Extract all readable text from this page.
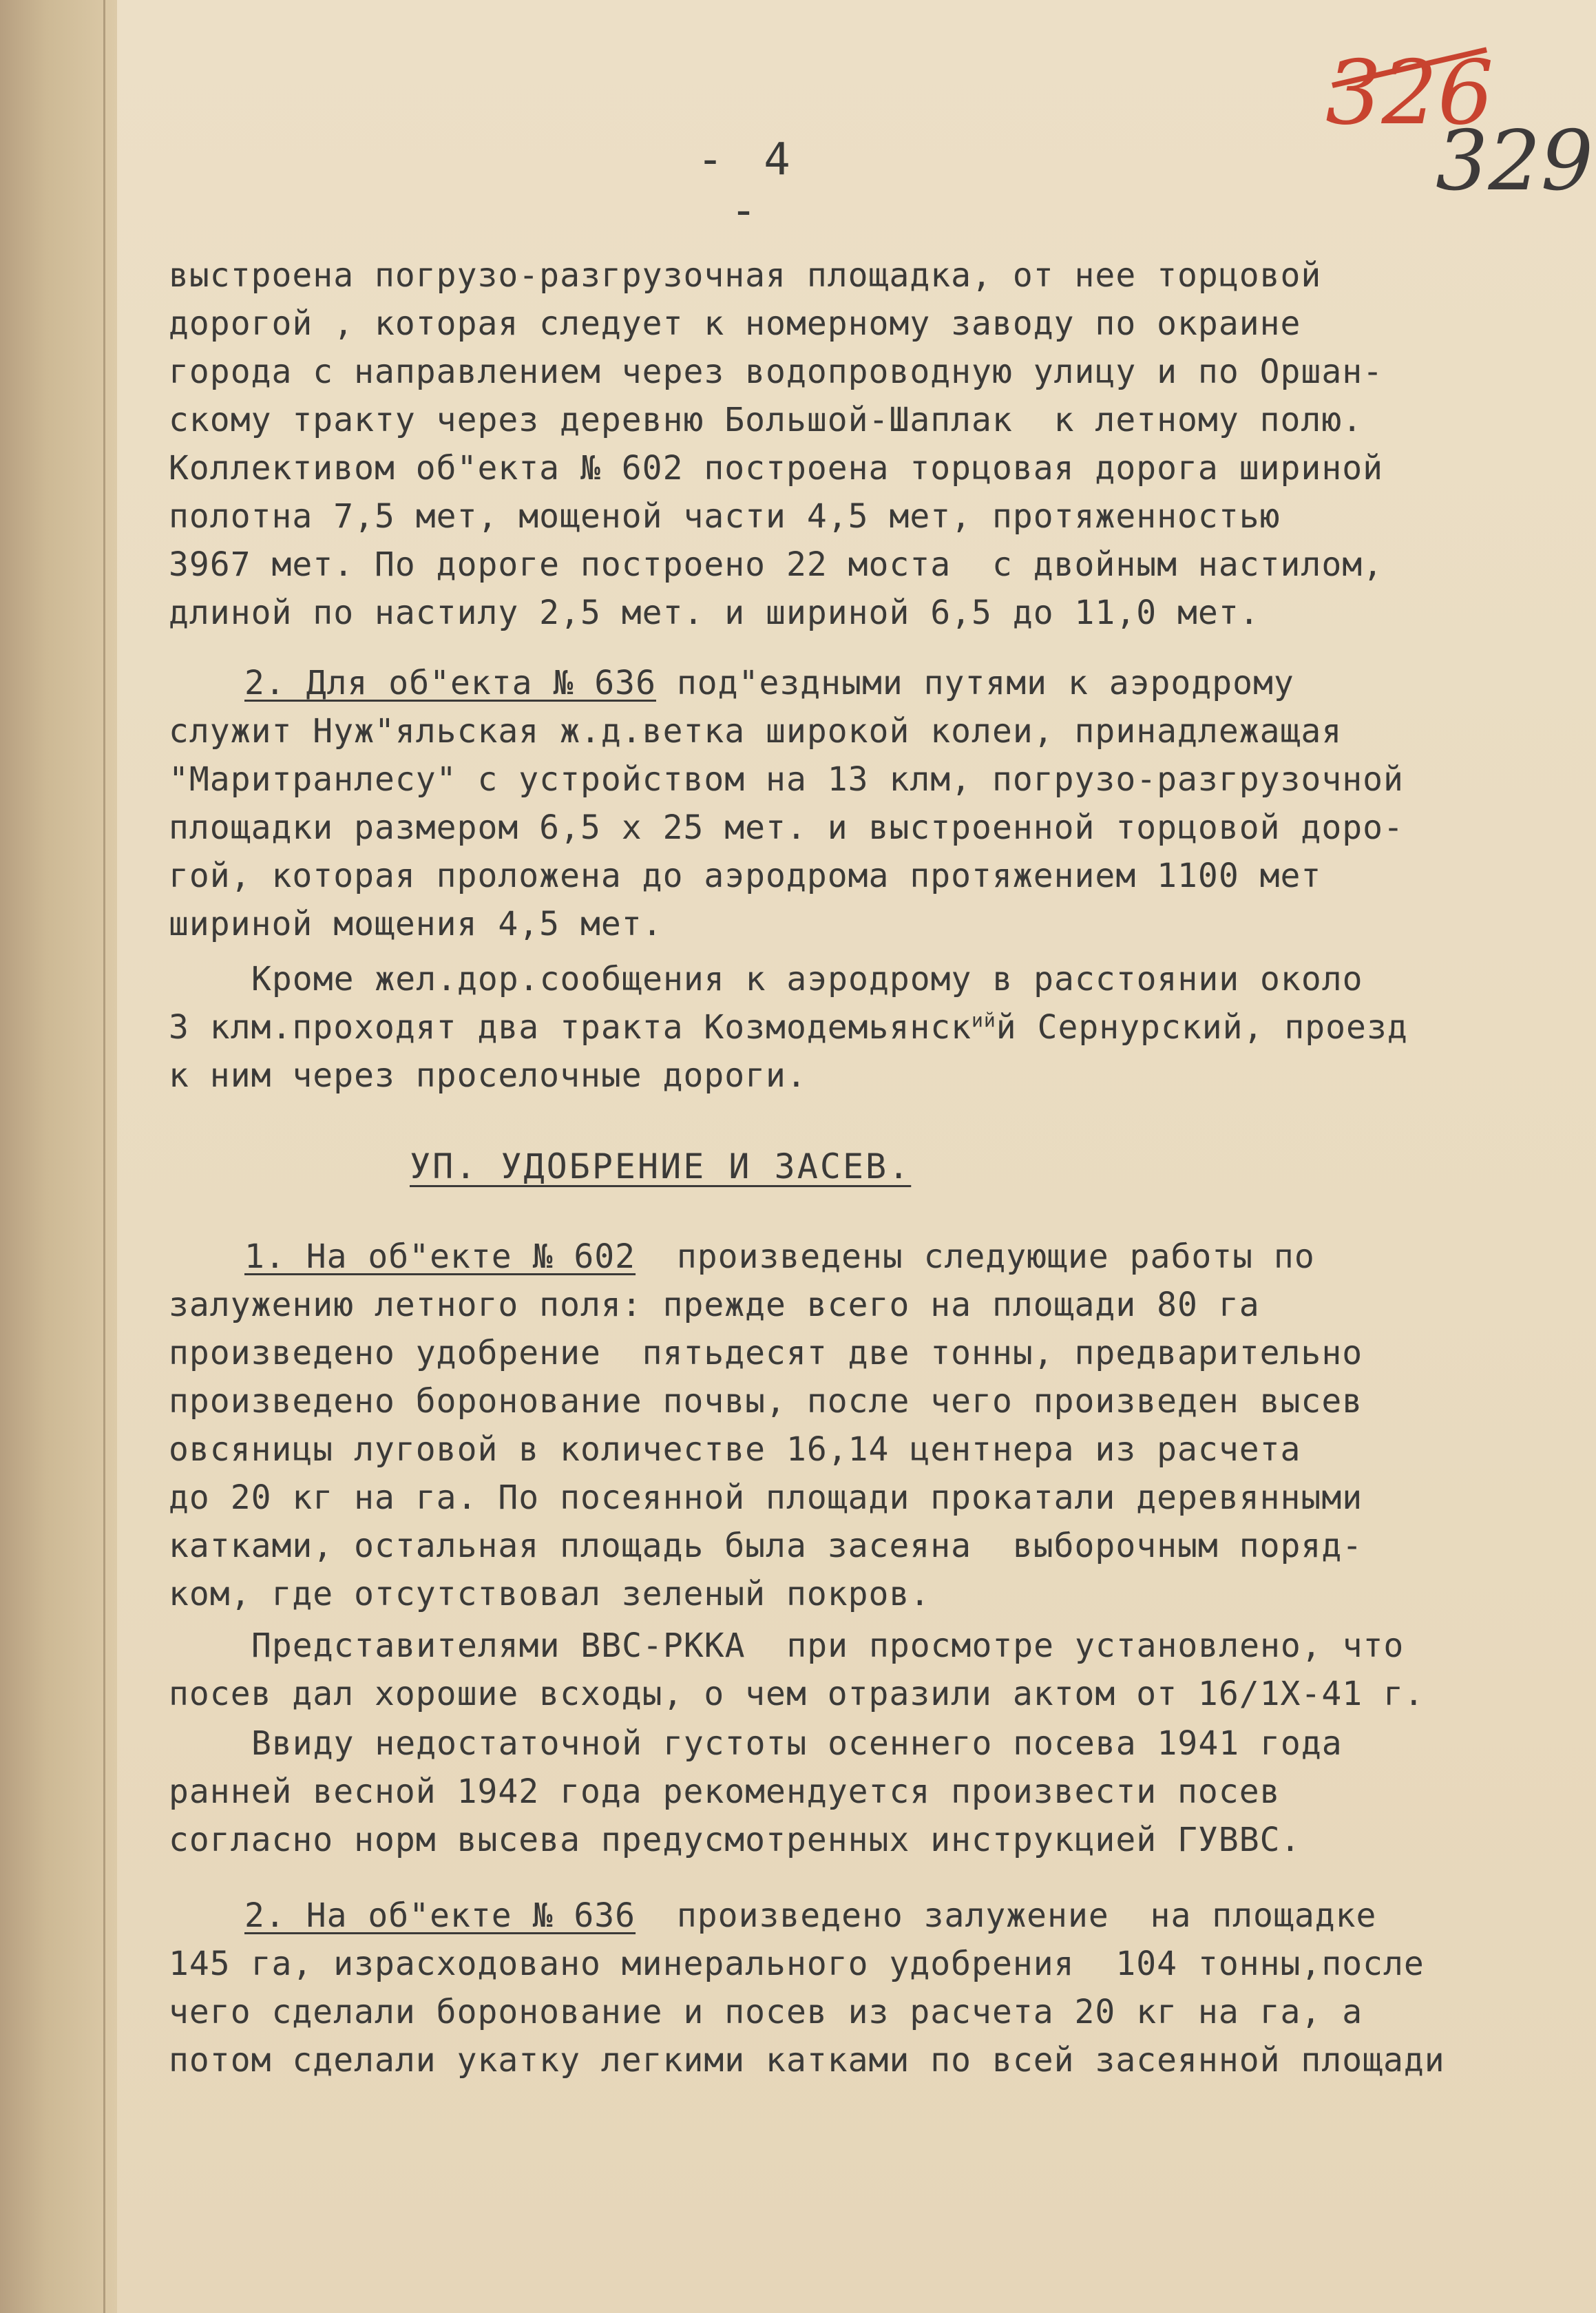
326
329
- 4 -
выстроена погрузо-разгрузочная площадка, от нее торцовой
дорогой , которая следует к номерному заводу по окраине
города с направлением через водопроводную улицу и по Оршан-
скому тракту через деревню Большой-Шаплак  к летному полю.
Коллективом об"екта № 602 построена торцовая дорога шириной
полотна 7,5 мет, мощеной части 4,5 мет, протяженностью
3967 мет. По дороге построено 22 моста  с двойным настилом,
длиной по настилу 2,5 мет. и шириной 6,5 до 11,0 мет.
2. Для об"екта № 636 под"ездными путями к аэродрому
служит Нуж"яльская ж.д.ветка широкой колеи, принадлежащая
"Маритранлесу" с устройством на 13 клм, погрузо-разгрузочной
площадки размером 6,5 х 25 мет. и выстроенной торцовой доро-
гой, которая проложена до аэродрома протяжением 1100 мет
шириной мощения 4,5 мет.
Кроме жел.дор.сообщения к аэродрому в расстоянии около
3 клм.проходят два тракта Козмодемьянск$^{ий}$й Сернурский, проезд
к ним через проселочные дороги.
УП. УДОБРЕНИЕ И ЗАСЕВ.
1. На об"екте № 602  произведены следующие работы по
залужению летного поля: прежде всего на площади 80 га
произведено удобрение  пятьдесят две тонны, предварительно
произведено боронование почвы, после чего произведен высев
овсяницы луговой в количестве 16,14 центнера из расчета
до 20 кг на га. По посеянной площади прокатали деревянными
катками, остальная площадь была засеяна  выборочным поряд-
ком, где отсутствовал зеленый покров.
Представителями ВВС-РККА  при просмотре установлено, что
посев дал хорошие всходы, о чем отразили актом от 16/1Х-41 г.
Ввиду недостаточной густоты осеннего посева 1941 года
ранней весной 1942 года рекомендуется произвести посев
согласно норм высева предусмотренных инструкцией ГУВВС.
2. На об"екте № 636  произведено залужение  на площадке
145 га, израсходовано минерального удобрения  104 тонны,после
чего сделали боронование и посев из расчета 20 кг на га, а
потом сделали укатку легкими катками по всей засеянной площади
